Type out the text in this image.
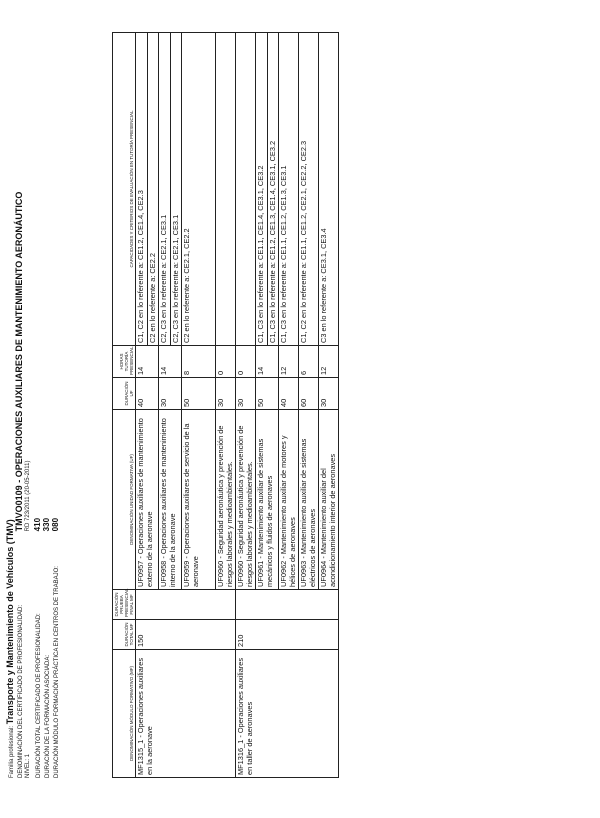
Familia profesional: Transporte y Mantenimiento de Vehículos (TMV) DENOMINACIÓN DEL CERTIFICADO DE PROFESIONALIDAD: TMVO0109 - OPERACIONES AUXILIARES DE MANTENIMIENTO AERONÁUTICO
NIVEL: 1 RD 723/2011 (20-05-2011)
DURACIÓN TOTAL CERTIFICADO DE PROFESIONALIDAD: 410
DURACIÓN DE LA FORMACIÓN ASOCIADA: 330
DURACIÓN MÓDULO FORMACIÓN PRÁCTICA EN CENTROS DE TRABAJO: 080
DENOMINACIÓN MÓDULO FORMATIVO (MF)	DURACIÓN TOTAL MF	DURACIÓN PRUEBA PRESENCIAL FINAL MF	DENOMINACIÓN UNIDAD FORMATIVA (UF)	DURACIÓN UF	HORAS TUTORÍA PRESENCIAL	CAPACIDADES Y CRITERIOS DE EVALUACIÓN EN TUTORÍA PRESENCIAL
MF1315_1 - Operaciones auxiliares en la aeronave	150		UF0957 - Operaciones auxiliares de mantenimiento externo de la aeronave	40	14	C1, C2 en lo referente a: CE1.2, CE1.4, CE2.3
						C2 en lo referente a: CE2.2
			UF0958 - Operaciones auxiliares de mantenimiento interno de la aeronave	30	14	C2, C3 en lo referente a: CE2.1, CE3.1
						C2, C3 en lo referente a: CE2.1, CE3.1
			UF0959 - Operaciones auxiliares de servicio de la aeronave	50	8	C2 en lo referente a: CE2.1, CE2.2
			UF0960 - Seguridad aeronáutica y prevención de riesgos laborales y medioambientales.	30	0	
MF1316_1 - Operaciones auxiliares en taller de aeronaves	210		UF0960 - Seguridad aeronáutica y prevención de riesgos laborales y medioambientales.	30	0	
			UF0961 - Mantenimiento auxiliar de sistemas mecánicos y fluidos de aeronaves	50	14	C1, C3 en lo referente a: CE1.1, CE1.4, CE3.1, CE3.2
						C1, C3 en lo referente a: CE1.2, CE1.3, CE1.4, CE3.1, CE3.2
			UF0962 - Mantenimiento auxiliar de motores y hélices de aeronaves	40	12	C1, C3 en lo referente a: CE1.1, CE1.2, CE1.3, CE3.1
			UF0963 - Mantenimiento auxiliar de sistemas eléctricos de aeronaves	60	6	C1, C2 en lo referente a: CE1.1, CE1.2, CE2.1, CE2.2, CE2.3
			UF0964 - Mantenimiento auxiliar del acondicionamiento interior de aeronaves	30	12	C3 en lo referente a: CE3.1, CE3.4
